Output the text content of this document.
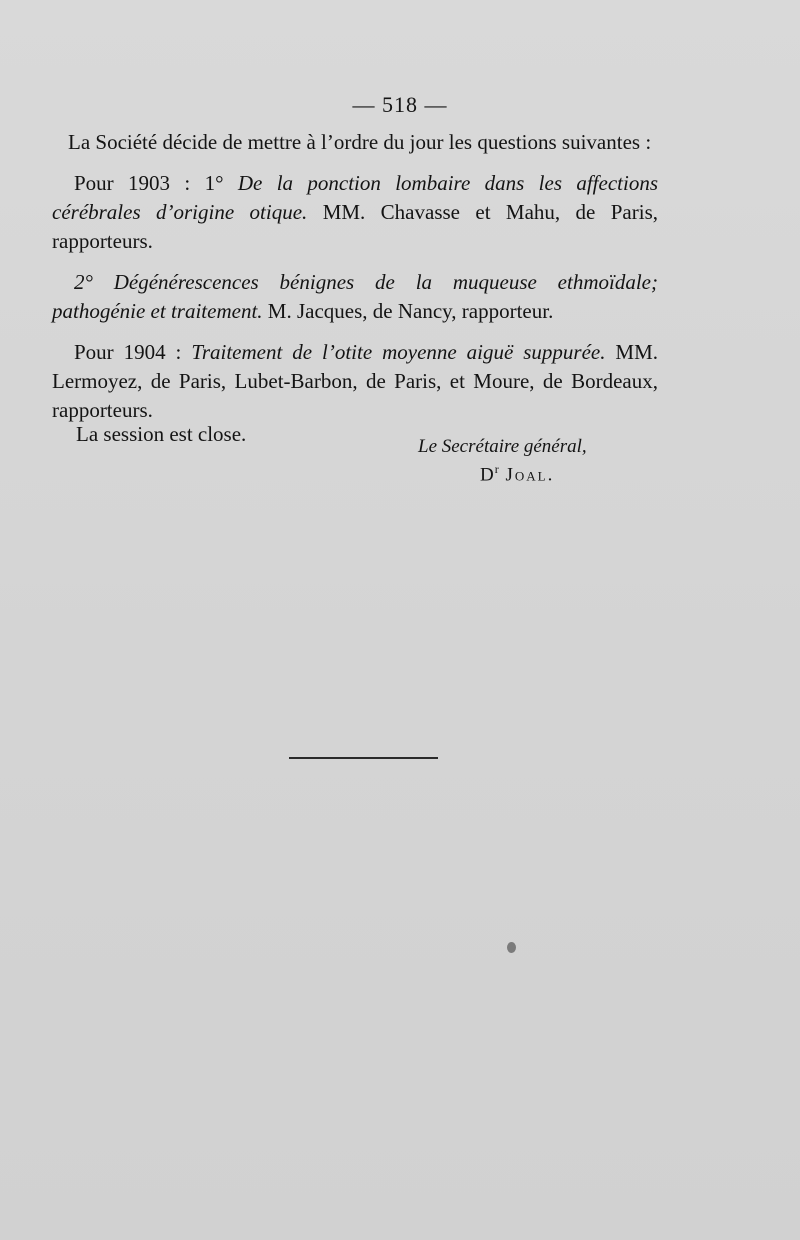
— 518 —

La Société décide de mettre à l’ordre du jour les questions suivantes :

Pour 1903 : 1° De la ponction lombaire dans les affections cérébrales d’origine otique. MM. Chavasse et Mahu, de Paris, rapporteurs.

2° Dégénérescences bénignes de la muqueuse ethmoïdale; pathogénie et traitement. M. Jacques, de Nancy, rapporteur.

Pour 1904 : Traitement de l’otite moyenne aiguë suppurée. MM. Lermoyez, de Paris, Lubet-Barbon, de Paris, et Moure, de Bordeaux, rapporteurs.

La session est close.
Le Secrétaire général,
$D^r$ Joal.
